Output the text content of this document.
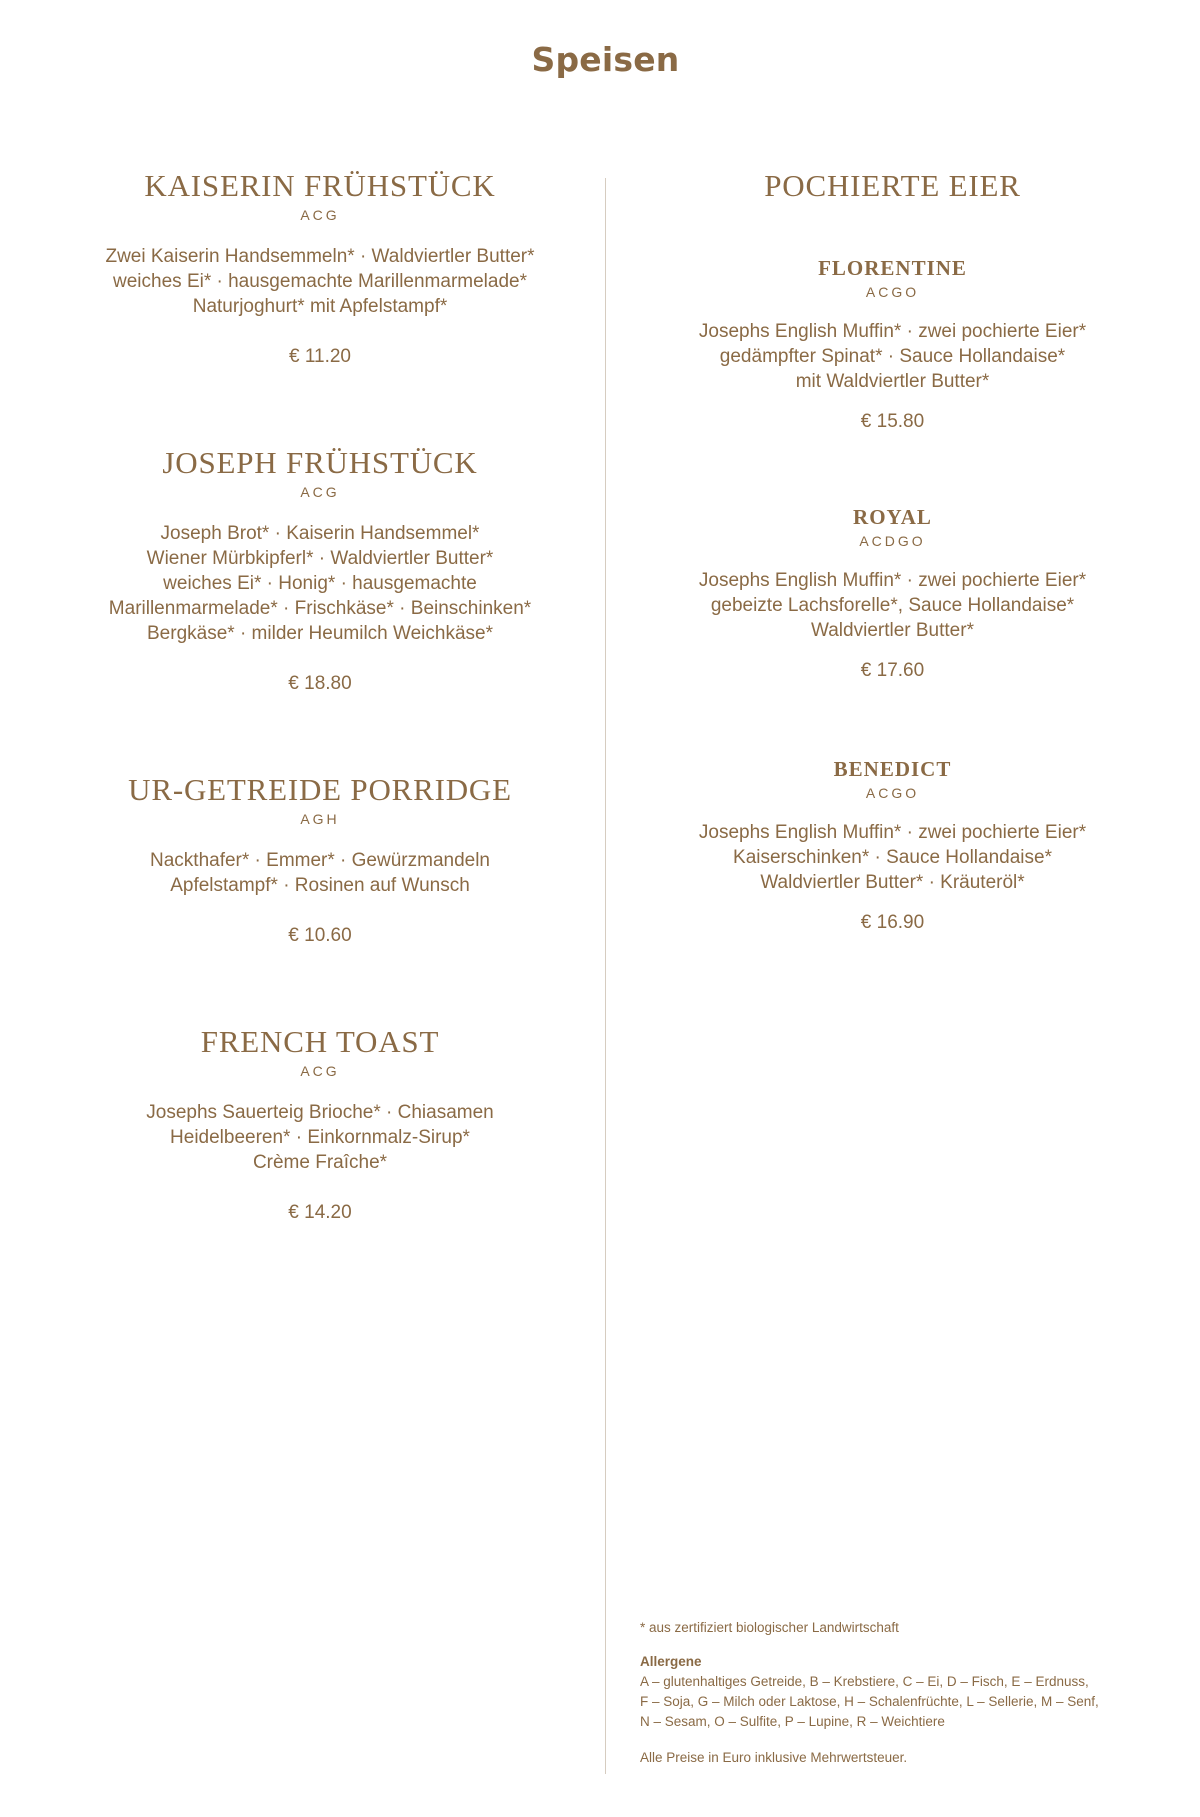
Speisen
KAISERIN FRÜHSTÜCK
ACG
Zwei Kaiserin Handsemmeln* · Waldviertler Butter*
weiches Ei* · hausgemachte Marillenmarmelade*
Naturjoghurt* mit Apfelstampf*
€ 11.20
JOSEPH FRÜHSTÜCK
ACG
Joseph Brot* · Kaiserin Handsemmel*
Wiener Mürbkipferl* · Waldviertler Butter*
weiches Ei* · Honig* · hausgemachte
Marillenmarmelade* · Frischkäse* · Beinschinken*
Bergkäse* · milder Heumilch Weichkäse*
€ 18.80
UR-GETREIDE PORRIDGE
AGH
Nackthafer* · Emmer* · Gewürzmandeln
Apfelstampf* · Rosinen auf Wunsch
€ 10.60
FRENCH TOAST
ACG
Josephs Sauerteig Brioche* · Chiasamen
Heidelbeeren* · Einkornmalz-Sirup*
Crème Fraîche*
€ 14.20
POCHIERTE EIER
FLORENTINE
ACGO
Josephs English Muffin* · zwei pochierte Eier*
gedämpfter Spinat* · Sauce Hollandaise*
mit Waldviertler Butter*
€ 15.80
ROYAL
ACDGO
Josephs English Muffin* · zwei pochierte Eier*
gebeizte Lachsforelle*, Sauce Hollandaise*
Waldviertler Butter*
€ 17.60
BENEDICT
ACGO
Josephs English Muffin* · zwei pochierte Eier*
Kaiserschinken* · Sauce Hollandaise*
Waldviertler Butter* · Kräuteröl*
€ 16.90
* aus zertifiziert biologischer Landwirtschaft
Allergene
A – glutenhaltiges Getreide, B – Krebstiere, C – Ei, D – Fisch, E – Erdnuss,
F – Soja, G – Milch oder Laktose, H – Schalenfrüchte, L – Sellerie, M – Senf,
N – Sesam, O – Sulfite, P – Lupine, R – Weichtiere
Alle Preise in Euro inklusive Mehrwertsteuer.
